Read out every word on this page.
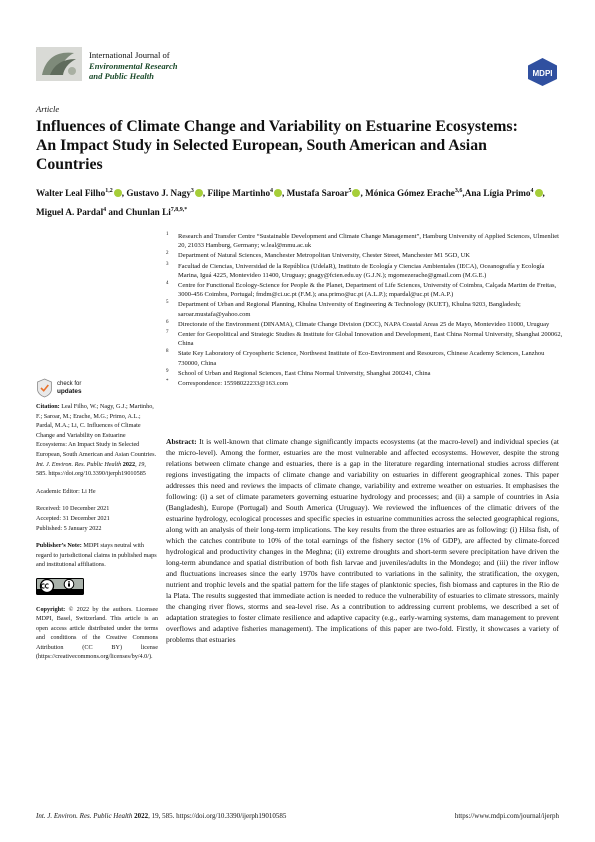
International Journal of
Environmental Research
and Public Health	MDPI
Article
Influences of Climate Change and Variability on Estuarine Ecosystems: An Impact Study in Selected European, South American and Asian Countries
Walter Leal Filho$^{1,2}$ , Gustavo J. Nagy$^3$ , Filipe Martinho$^4$ , Mustafa Saroar$^5$ , Mónica Gómez Erache$^{3,6}$,Ana Lígia Primo$^4$ , Miguel A. Pardal$^4$ and Chunlan $Li^{7,8,9,*}$
1 Research and Transfer Centre “Sustainable Development and Climate Change Management”, Hamburg University of Applied Sciences, Ulmenliet 20, 21033 Hamburg, Germany; w.leal@mmu.ac.uk
2 Department of Natural Sciences, Manchester Metropolitan University, Chester Street, Manchester M1 5GD, UK
3 Facultad de Ciencias, Universidad de la República (UdelaR), Instituto de Ecología y Ciencias Ambientales (IECA), Oceanografía y Ecología Marina, Iguá 4225, Montevideo 11400, Uruguay; gnagy@fcien.edu.uy (G.J.N.); mgomezerache@gmail.com (M.G.E.)
4 Centre for Functional Ecology-Science for People & the Planet, Department of Life Sciences, University of Coimbra, Calçada Martim de Freitas, 3000-456 Coimbra, Portugal; fmdm@ci.uc.pt (F.M.); ana.primo@uc.pt (A.L.P.); mpardal@uc.pt (M.A.P.)
5 Department of Urban and Regional Planning, Khulna University of Engineering & Technology (KUET), Khulna 9203, Bangladesh; saroar.mustafa@yahoo.com
6 Directorate of the Environment (DINAMA), Climate Change Division (DCC), NAPA Coastal Areas 25 de Mayo, Montevideo 11000, Uruguay
7 Center for Geopolitical and Strategic Studies & Institute for Global Innovation and Development, East China Normal University, Shanghai 200062, China
8 State Key Laboratory of Cryospheric Science, Northwest Institute of Eco-Environment and Resources, Chinese Academy Sciences, Lanzhou 730000, China
9 School of Urban and Regional Sciences, East China Normal University, Shanghai 200241, China
* Correspondence: 15598022233@163.com
check for
updates
Citation: Leal Filho, W.; Nagy, G.J.; Martinho, F.; Saroar, M.; Erache, M.G.; Primo, A.L.; Pardal, M.A.; Li, C. Influences of Climate Change and Variability on Estuarine Ecosystems: An Impact Study in Selected European, South American and Asian Countries. Int. J. Environ. Res. Public Health 2022, 19, 585. https://doi.org/10.3390/ijerph19010585
Academic Editor: Li He
Received: 10 December 2021
Accepted: 31 December 2021
Published: 5 January 2022
Publisher’s Note: MDPI stays neutral with regard to jurisdictional claims in published maps and institutional affiliations.
Copyright: © 2022 by the authors. Licensee MDPI, Basel, Switzerland. This article is an open access article distributed under the terms and conditions of the Creative Commons Attribution (CC BY) license (https://creativecommons.org/licenses/by/4.0/).
Abstract: It is well-known that climate change significantly impacts ecosystems (at the macro-level) and individual species (at the micro-level). Among the former, estuaries are the most vulnerable and affected ecosystems. However, despite the strong relations between climate change and estuaries, there is a gap in the literature regarding international studies across different regions investigating the impacts of climate change and variability on estuaries in different geographical zones. This paper addresses this need and reviews the impacts of climate change, variability and extreme weather on estuaries. It emphasises the following: (i) a set of climate parameters governing estuarine hydrology and processes; and (ii) a sample of countries in Asia (Bangladesh), Europe (Portugal) and South America (Uruguay). We reviewed the influences of the climatic drivers of the estuarine hydrology, ecological processes and specific species in estuarine communities across the selected geographical regions, along with an analysis of their long-term implications. The key results from the three estuaries are as following: (i) Hilsa fish, of which the catches contribute to 10% of the total earnings of the fishery sector (1% of GDP), are affected by climate-forced hydrological and productivity changes in the Meghna; (ii) extreme droughts and short-term severe precipitation have driven the long-term abundance and spatial distribution of both fish larvae and juveniles/adults in the Mondego; and (iii) the river inflow and fluctuations increases since the early 1970s have contributed to variations in the salinity, the stratification, the oxygen, nutrient and trophic levels and the spatial pattern for the life stages of planktonic species, fish biomass and captures in the Rio de la Plata. The results suggested that immediate action is needed to reduce the vulnerability of estuaries to climate stressors, mainly the changing river flows, storms and sea-level rise. As a contribution to addressing current problems, we described a set of adaptation strategies to foster climate resilience and adaptive capacity (e.g., early-warning systems, dam management to prevent overflows and adaptive fisheries management). The implications of this paper are two-fold. Firstly, it showcases a variety of problems that estuaries
Int. J. Environ. Res. Public Health 2022, 19, 585. https://doi.org/10.3390/ijerph19010585	https://www.mdpi.com/journal/ijerph
